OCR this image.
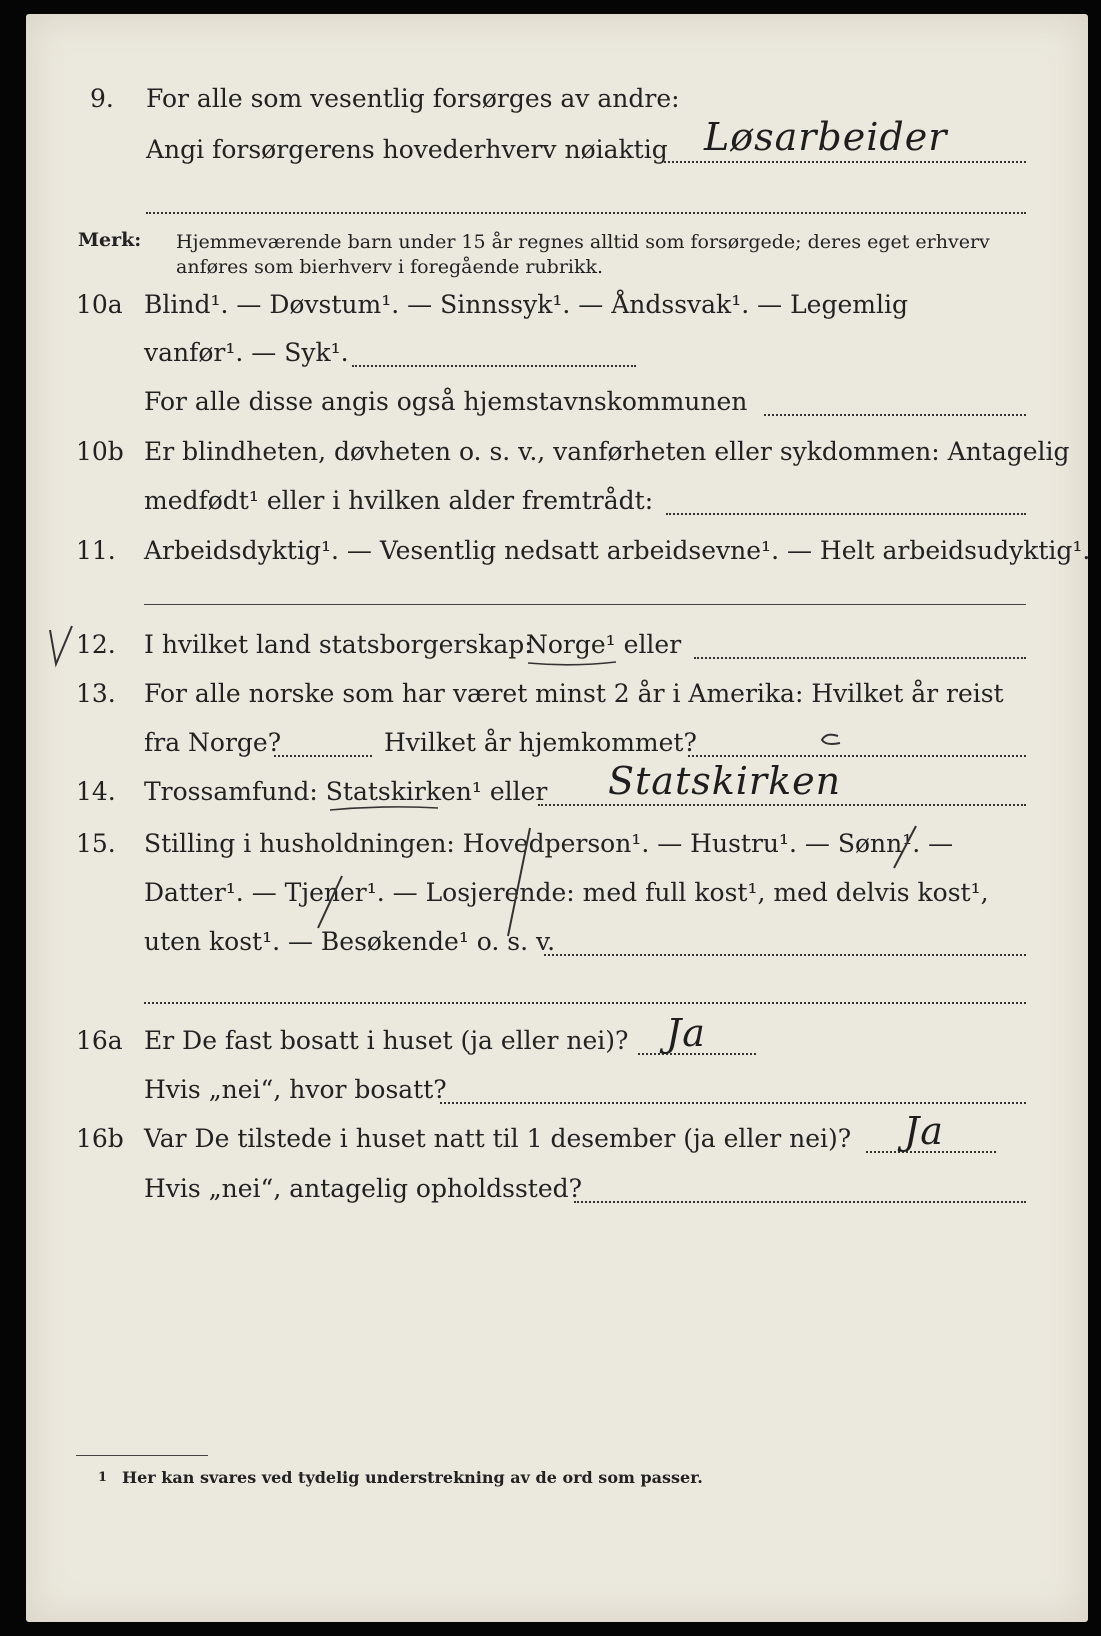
9. For alle som vesentlig forsørges av andre:
Angi forsørgerens hovederhverv nøiaktig Løsarbeider
Merk: Hjemmeværende barn under 15 år regnes alltid som forsørgede; deres eget erhverv
anføres som bierhverv i foregående rubrikk.
10a Blind¹. — Døvstum¹. — Sinnssyk¹. — Åndssvak¹. — Legemlig
vanfør¹. — Syk¹.
For alle disse angis også hjemstavnskommunen
10b Er blindheten, døvheten o. s. v., vanførheten eller sykdommen: Antagelig
medfødt¹ eller i hvilken alder fremtrådt:
11. Arbeidsdyktig¹. — Vesentlig nedsatt arbeidsevne¹. — Helt arbeidsudyktig¹.
12. I hvilket land statsborgerskap:
Norge¹ eller
13. For alle norske som har været minst 2 år i Amerika: Hvilket år reist
fra Norge?	Hvilket år hjemkommet?
14. Trossamfund: Statskirken¹ eller Statskirken
15. Stilling i husholdningen: Hovedperson¹. — Hustru¹. — Sønn¹. —
Datter¹. — Tjener¹. — Losjerende: med full kost¹, med delvis kost¹,
uten kost¹. — Besøkende¹ o. s. v.
16a Er De fast bosatt i huset (ja eller nei)? Ja
Hvis „nei“, hvor bosatt?
16b Var De tilstede i huset natt til 1 desember (ja eller nei)? Ja
Hvis „nei“, antagelig opholdssted?
1 Her kan svares ved tydelig understrekning av de ord som passer.
